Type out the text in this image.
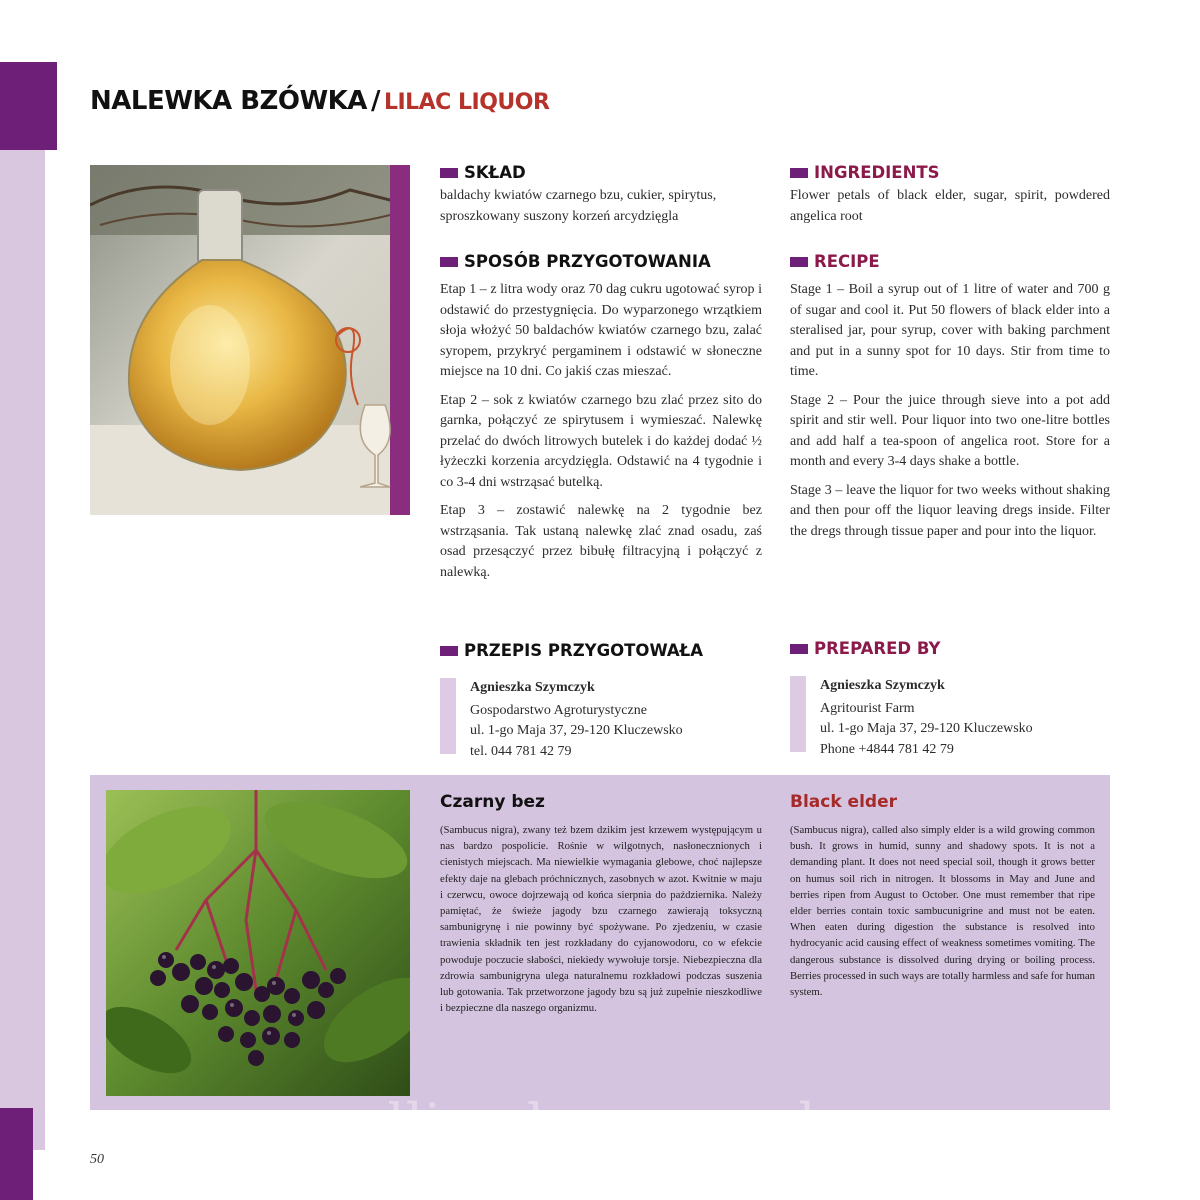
NALEWKA BZÓWKA / LILAC LIQUOR
SKŁAD
baldachy kwiatów czarnego bzu, cukier, spirytus, sproszkowany suszony korzeń arcydzięgla
SPOSÓB PRZYGOTOWANIA

Etap 1 – z litra wody oraz 70 dag cukru ugotować syrop i odstawić do przestygnięcia. Do wyparzonego wrzątkiem słoja włożyć 50 baldachów kwiatów czarnego bzu, zalać syropem, przykryć pergaminem i odstawić w słoneczne miejsce na 10 dni. Co jakiś czas mieszać.

Etap 2 – sok z kwiatów czarnego bzu zlać przez sito do garnka, połączyć ze spirytusem i wymieszać. Nalewkę przelać do dwóch litrowych butelek i do każdej dodać ½ łyżeczki korzenia arcydzięgla. Odstawić na 4 tygodnie i co 3-4 dni wstrząsać butelką.

Etap 3 – zostawić nalewkę na 2 tygodnie bez wstrząsania. Tak ustaną nalewkę zlać znad osadu, zaś osad przesączyć przez bibułę filtracyjną i połączyć z nalewką.

PRZEPIS PRZYGOTOWAŁA
Agnieszka Szymczyk
Gospodarstwo Agroturystyczne
ul. 1-go Maja 37, 29-120 Kluczewsko
tel. 044 781 42 79
INGREDIENTS
Flower petals of black elder, sugar, spirit, powdered angelica root
RECIPE

Stage 1 – Boil a syrup out of 1 litre of water and 700 g of sugar and cool it. Put 50 flowers of black elder into a steralised jar, pour syrup, cover with baking parchment and put in a sunny spot for 10 days. Stir from time to time.

Stage 2 – Pour the juice through sieve into a pot add spirit and stir well. Pour liquor into two one-litre bottles and add half a tea-spoon of angelica root. Store for a month and every 3-4 days shake a bottle.

Stage 3 – leave the liquor for two weeks without shaking and then pour off the liquor leaving dregs inside. Filter the dregs through tissue paper and pour into the liquor.

PREPARED BY
Agnieszka Szymczyk
Agritourist Farm
ul. 1-go Maja 37, 29-120 Kluczewsko
Phone +4844 781 42 79
Czarny bez
(Sambucus nigra), zwany też bzem dzikim jest krzewem występującym u nas bardzo pospolicie. Rośnie w wilgotnych, nasłonecznionych i cienistych miejscach. Ma niewielkie wymagania glebowe, choć najlepsze efekty daje na glebach próchnicznych, zasobnych w azot. Kwitnie w maju i czerwcu, owoce dojrzewają od końca sierpnia do października. Należy pamiętać, że świeże jagody bzu czarnego zawierają toksyczną sambunigrynę i nie powinny być spożywane. Po zjedzeniu, w czasie trawienia składnik ten jest rozkładany do cyjanowodoru, co w efekcie powoduje poczucie słabości, niekiedy wywołuje torsje. Niebezpieczna dla zdrowia sambunigryna ulega naturalnemu rozkładowi podczas suszenia lub gotowania. Tak przetworzone jagody bzu są już zupełnie nieszkodliwe i bezpieczne dla naszego organizmu.
Black elder
(Sambucus nigra), called also simply elder is a wild growing common bush. It grows in humid, sunny and shadowy spots. It is not a demanding plant. It does not need special soil, though it grows better on humus soil rich in nitrogen. It blossoms in May and June and berries ripen from August to October. One must remember that ripe elder berries contain toxic sambucunigrine and must not be eaten. When eaten during digestion the substance is resolved into hydrocyanic acid causing effect of weakness sometimes vomiting. The dangerous substance is dissolved during drying or boiling process. Berries processed in such ways are totally harmless and safe for human system.
wedlinydomowe.pl
50
